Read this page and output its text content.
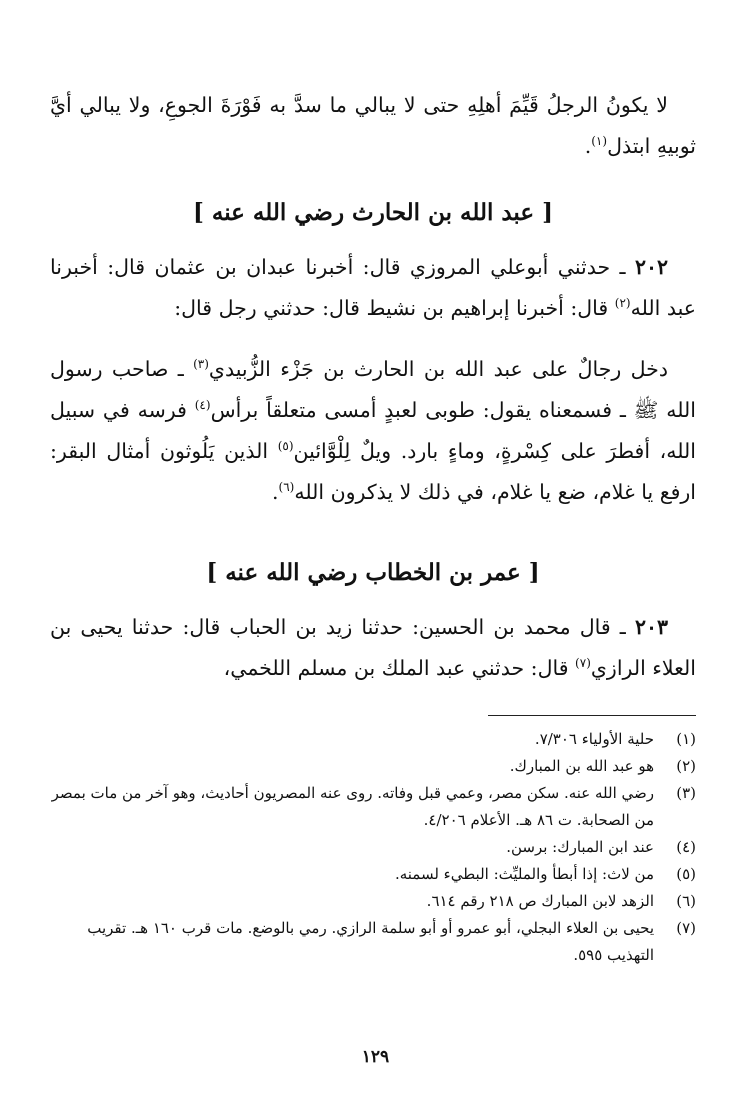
لا يكونُ الرجلُ قَيِّمَ أهلِهِ حتى لا يبالي ما سدَّ به فَوْرَةَ الجوعِ، ولا يبالي أيَّ ثوبيهِ ابتذل$^{(١)}$.

[ عبد الله بن الحارث رضي الله عنه ]

٢٠٢ ـ حدثني أبوعلي المروزي قال: أخبرنا عبدان بن عثمان قال: أخبرنا عبد الله$^{(٢)}$ قال: أخبرنا إبراهيم بن نشيط قال: حدثني رجل قال:

دخل رجالٌ على عبد الله بن الحارث بن جَزْء الزُّبيدي$^{(٣)}$ ـ صاحب رسول الله ﷺ ـ فسمعناه يقول: طوبى لعبدٍ أمسى متعلقاً برأس$^{(٤)}$ فرسه في سبيل الله، أفطرَ على كِسْرةٍ، وماءٍ بارد. ويلٌ لِلْوَّائين$^{(٥)}$ الذين يَلُوثون أمثال البقر: ارفع يا غلام، ضع يا غلام، في ذلك لا يذكرون الله$^{(٦)}$.

[ عمر بن الخطاب رضي الله عنه ]

٢٠٣ ـ قال محمد بن الحسين: حدثنا زيد بن الحباب قال: حدثنا يحيى بن العلاء الرازي$^{(٧)}$ قال: حدثني عبد الملك بن مسلم اللخمي،

(١)
حلية الأولياء ٧/٣٠٦.
(٢)
هو عبد الله بن المبارك.
(٣)
رضي الله عنه. سكن مصر، وعمي قبل وفاته. روى عنه المصريون أحاديث، وهو آخر من مات بمصر من الصحابة. ت ٨٦ هـ. الأعلام ٤/٢٠٦.
(٤)
عند ابن المبارك: برسن.
(٥)
من لاث: إذا أبطأ والمليِّث: البطيء لسمنه.
(٦)
الزهد لابن المبارك ص ٢١٨ رقم ٦١٤.
(٧)
يحيى بن العلاء البجلي، أبو عمرو أو أبو سلمة الرازي. رمي بالوضع. مات قرب ١٦٠ هـ. تقريب التهذيب ٥٩٥.
١٢٩
